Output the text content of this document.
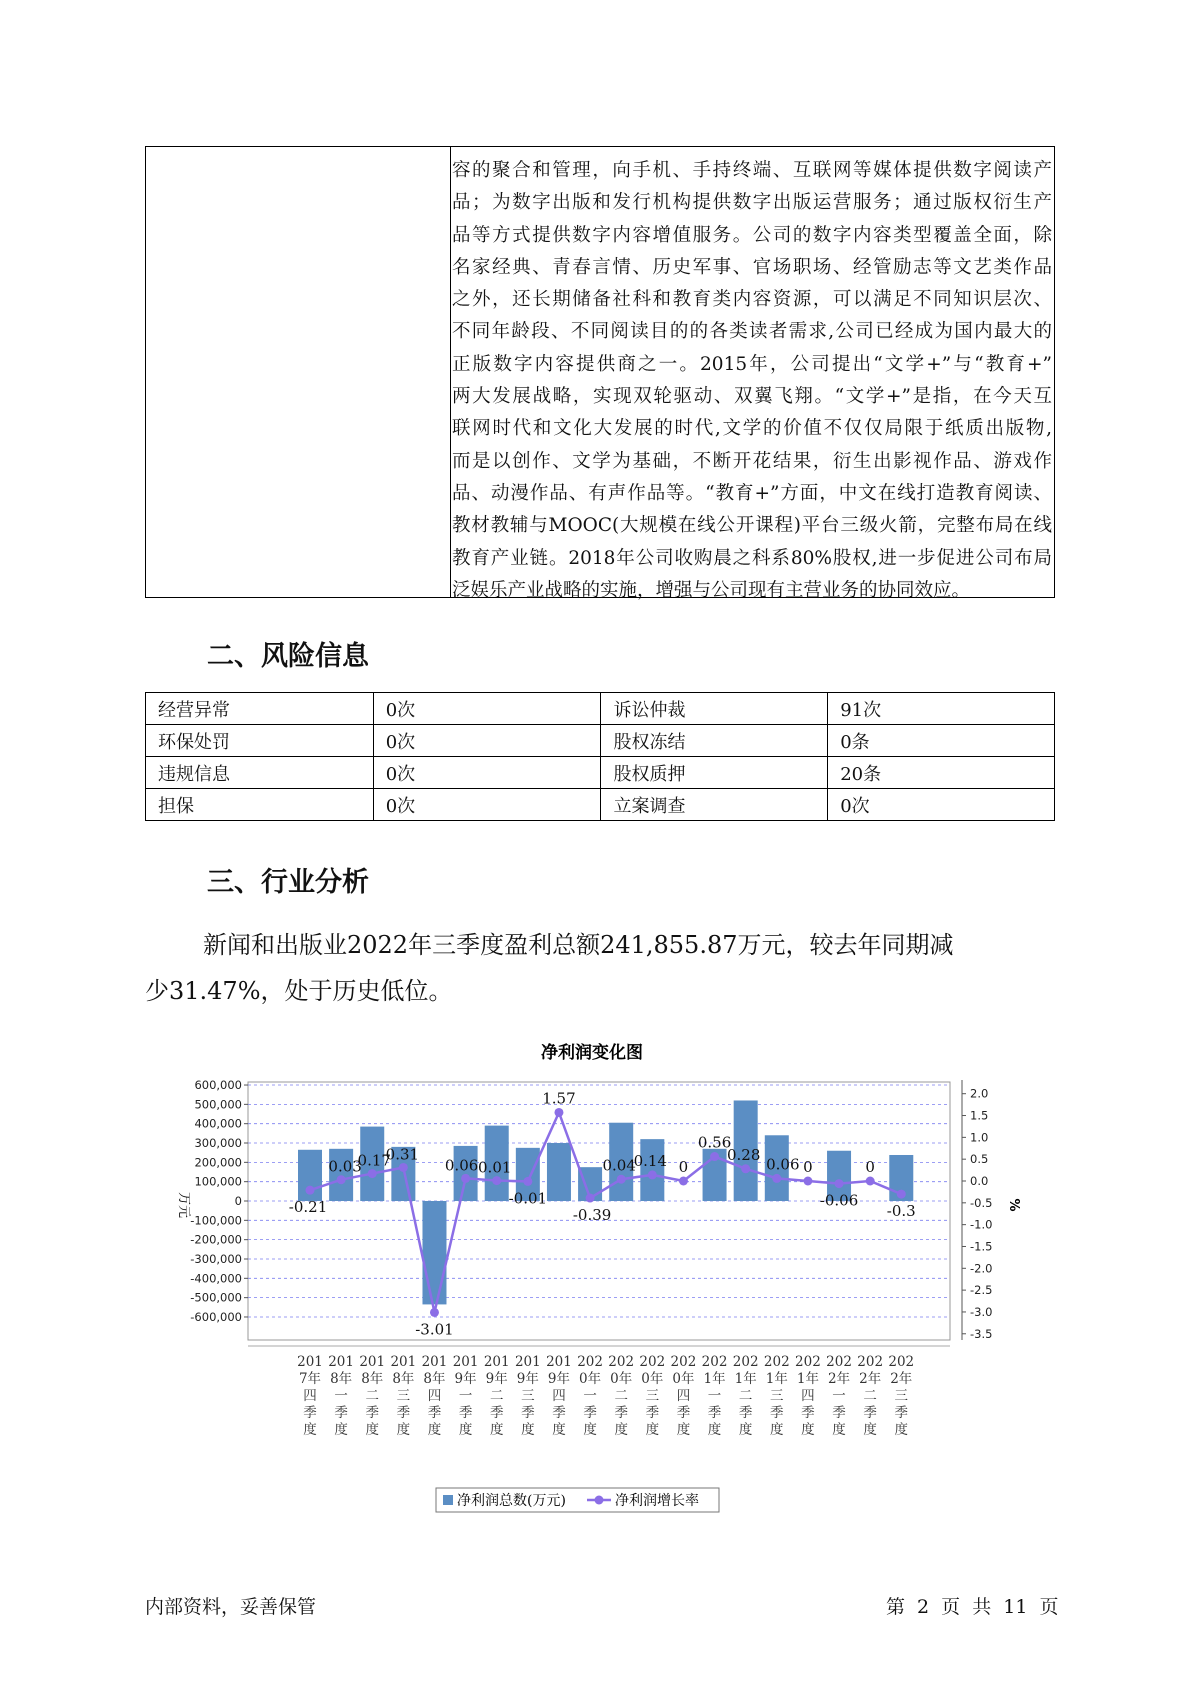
容的聚合和管理，向手机、手持终端、互联网等媒体提供数字阅读产
品；为数字出版和发行机构提供数字出版运营服务；通过版权衍生产
品等方式提供数字内容增值服务。公司的数字内容类型覆盖全面，除
名家经典、青春言情、历史军事、官场职场、经管励志等文艺类作品
之外，还长期储备社科和教育类内容资源，可以满足不同知识层次、
不同年龄段、不同阅读目的的各类读者需求,公司已经成为国内最大的
正版数字内容提供商之一。2015年，公司提出“文学+”与“教育+”
两大发展战略，实现双轮驱动、双翼飞翔。“文学+”是指，在今天互
联网时代和文化大发展的时代,文学的价值不仅仅局限于纸质出版物,
而是以创作、文学为基础，不断开花结果，衍生出影视作品、游戏作
品、动漫作品、有声作品等。“教育+”方面，中文在线打造教育阅读、
教材教辅与MOOC(大规模在线公开课程)平台三级火箭，完整布局在线
教育产业链。2018年公司收购晨之科系80%股权,进一步促进公司布局
泛娱乐产业战略的实施，增强与公司现有主营业务的协同效应。
二、风险信息
经营异常	0次	诉讼仲裁	91次
环保处罚	0次	股权冻结	0条
违规信息	0次	股权质押	20条
担保	0次	立案调查	0次
三、行业分析
新闻和出版业2022年三季度盈利总额241,855.87万元，较去年同期减
少31.47%，处于历史低位。
净利润变化图
600,000
500,000
400,000
300,000
200,000
100,000
0
-100,000
-200,000
-300,000
-400,000
-500,000
-600,000
2.0
1.5
1.0
0.5
0.0
-0.5
-1.0
-1.5
-2.0
-2.5
-3.0
-3.5
万元	%
-0.21
0.03
0.17
0.31
-3.01
0.06 0.01
-0.01
1.57
-0.39
0.04
0.14 0
0.56
0.28
0.06 0
-0.06
0
-0.3
201
7年
四
季
度
201
8年
一
季
度
201
8年
二
季
度
201
8年
三
季
度
201
8年
四
季
度
201
9年
一
季
度
201
9年
二
季
度
201
9年
三
季
度
201
9年
四
季
度
202
0年
一
季
度
202
0年
二
季
度
202
0年
三
季
度
202
0年
四
季
度
202
1年
一
季
度
202
1年
二
季
度
202
1年
三
季
度
202
1年
四
季
度
202
2年
一
季
度
202
2年
二
季
度
202
2年
三
季
度
净利润总数(万元)	净利润增长率
内部资料，妥善保管	第 2 页 共 11 页
